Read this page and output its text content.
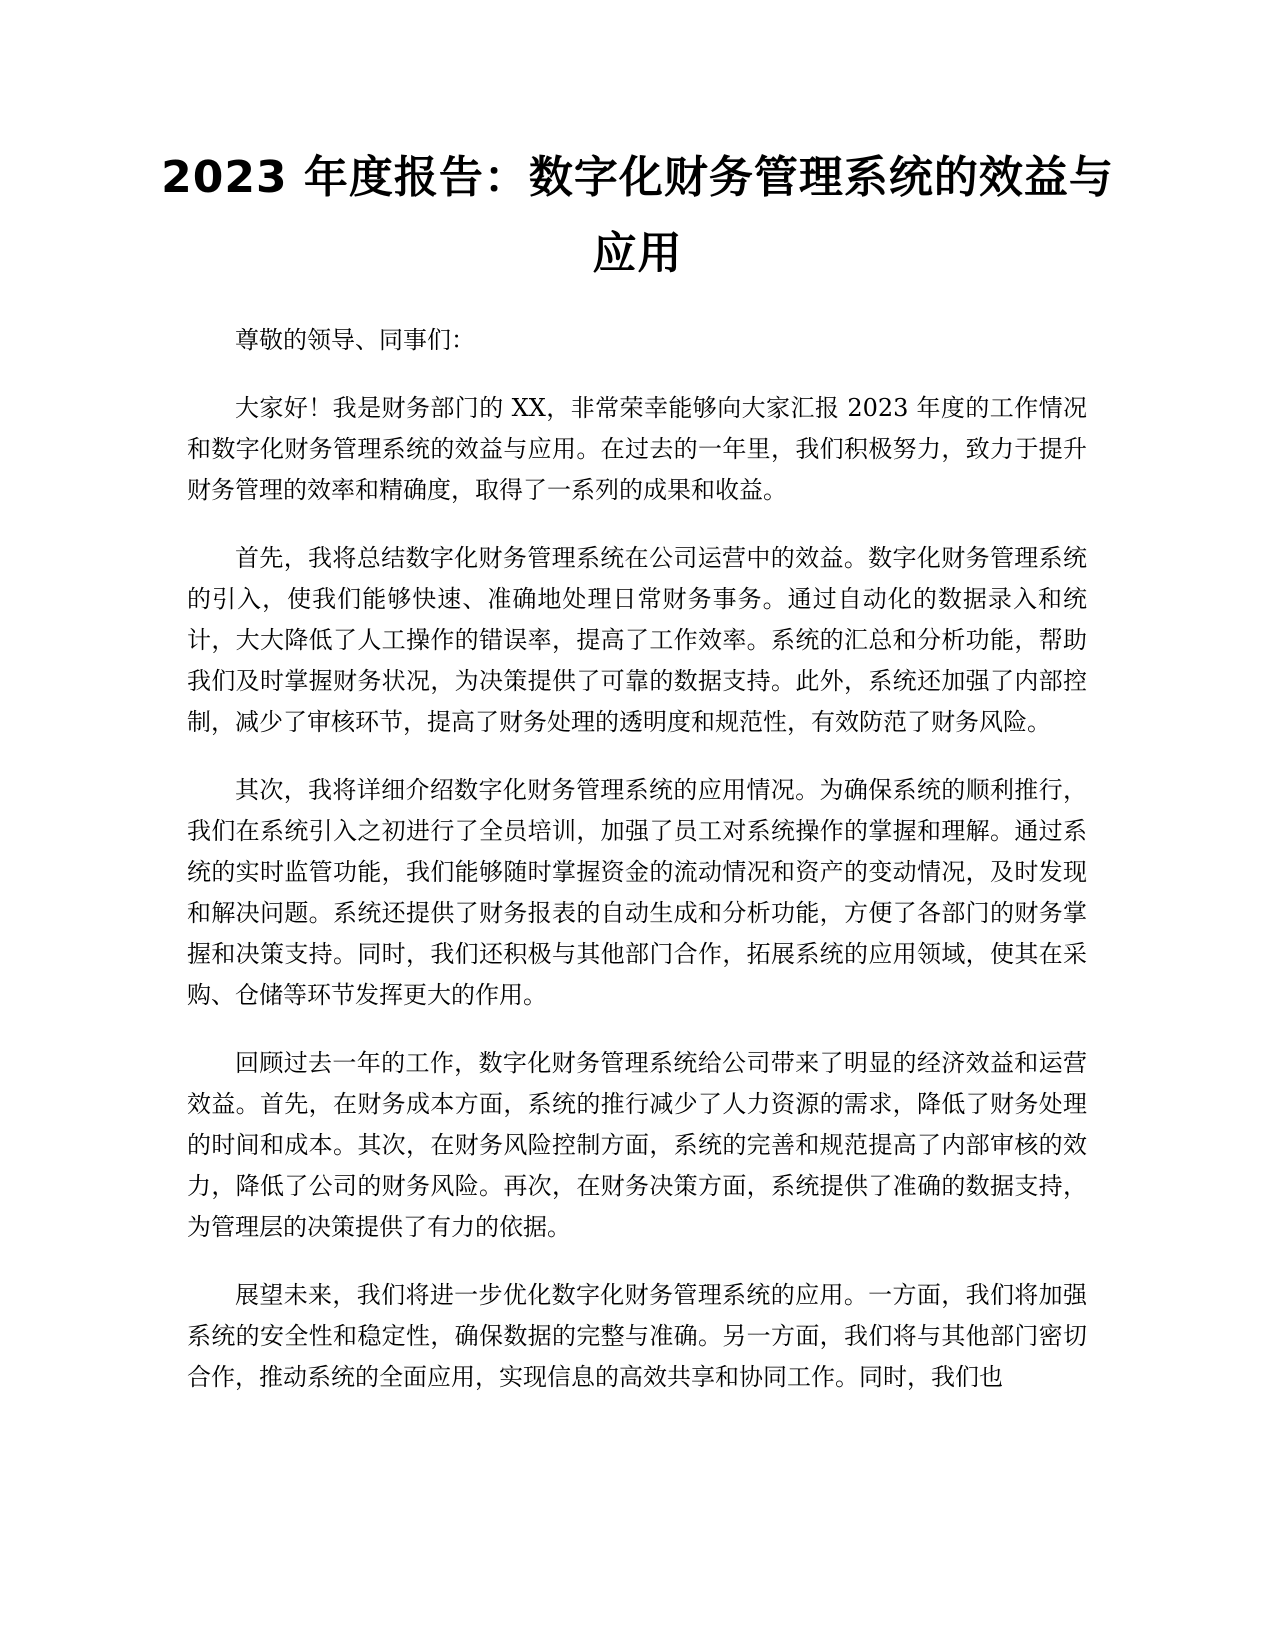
2023 年度报告：数字化财务管理系统的效益与应用

尊敬的领导、同事们：

大家好！我是财务部门的 XX，非常荣幸能够向大家汇报 2023 年度的工作情况和数字化财务管理系统的效益与应用。在过去的一年里，我们积极努力，致力于提升财务管理的效率和精确度，取得了一系列的成果和收益。

首先，我将总结数字化财务管理系统在公司运营中的效益。数字化财务管理系统的引入，使我们能够快速、准确地处理日常财务事务。通过自动化的数据录入和统计，大大降低了人工操作的错误率，提高了工作效率。系统的汇总和分析功能，帮助我们及时掌握财务状况，为决策提供了可靠的数据支持。此外，系统还加强了内部控制，减少了审核环节，提高了财务处理的透明度和规范性，有效防范了财务风险。

其次，我将详细介绍数字化财务管理系统的应用情况。为确保系统的顺利推行，我们在系统引入之初进行了全员培训，加强了员工对系统操作的掌握和理解。通过系统的实时监管功能，我们能够随时掌握资金的流动情况和资产的变动情况，及时发现和解决问题。系统还提供了财务报表的自动生成和分析功能，方便了各部门的财务掌握和决策支持。同时，我们还积极与其他部门合作，拓展系统的应用领域，使其在采购、仓储等环节发挥更大的作用。

回顾过去一年的工作，数字化财务管理系统给公司带来了明显的经济效益和运营效益。首先，在财务成本方面，系统的推行减少了人力资源的需求，降低了财务处理的时间和成本。其次，在财务风险控制方面，系统的完善和规范提高了内部审核的效力，降低了公司的财务风险。再次，在财务决策方面，系统提供了准确的数据支持，为管理层的决策提供了有力的依据。

展望未来，我们将进一步优化数字化财务管理系统的应用。一方面，我们将加强系统的安全性和稳定性，确保数据的完整与准确。另一方面，我们将与其他部门密切合作，推动系统的全面应用，实现信息的高效共享和协同工作。同时，我们也
